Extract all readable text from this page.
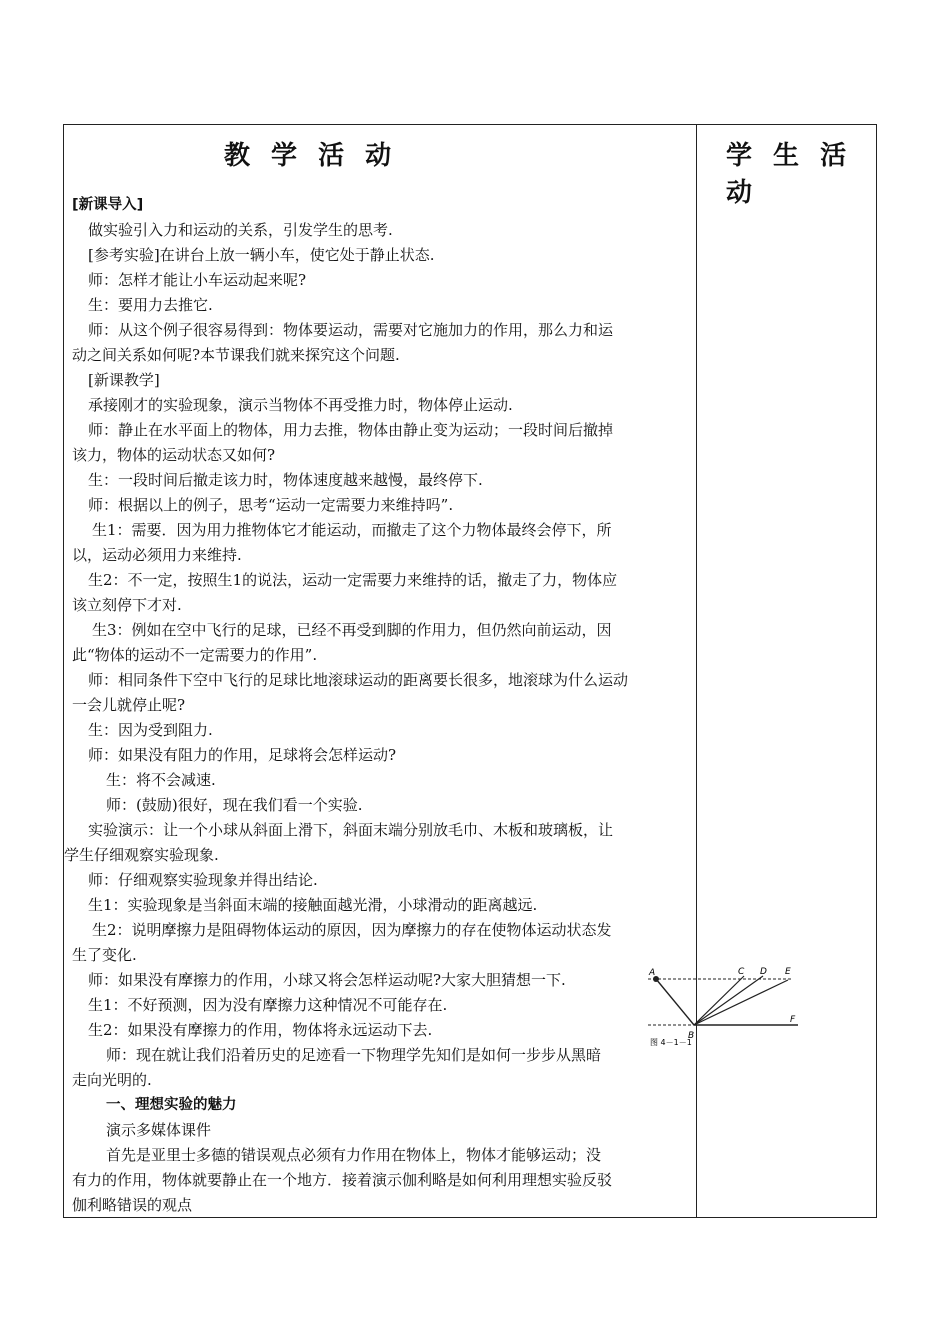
教 学 活 动	学 生 活 动

[新课导入]

做实验引入力和运动的关系，引发学生的思考.

[参考实验]在讲台上放一辆小车，使它处于静止状态.

师：怎样才能让小车运动起来呢?

生：要用力去推它.

师：从这个例子很容易得到：物体要运动，需要对它施加力的作用，那么力和运

动之间关系如何呢?本节课我们就来探究这个问题.

[新课教学]

承接刚才的实验现象，演示当物体不再受推力时，物体停止运动.

师：静止在水平面上的物体，用力去推，物体由静止变为运动；一段时间后撤掉

该力，物体的运动状态又如何?

生：一段时间后撤走该力时，物体速度越来越慢，最终停下.

师：根据以上的例子，思考“运动一定需要力来维持吗”.

生1：需要．因为用力推物体它才能运动，而撤走了这个力物体最终会停下，所

以，运动必须用力来维持.

生2：不一定，按照生1的说法，运动一定需要力来维持的话，撤走了力，物体应

该立刻停下才对.

生3：例如在空中飞行的足球，已经不再受到脚的作用力，但仍然向前运动，因

此“物体的运动不一定需要力的作用”.

师：相同条件下空中飞行的足球比地滚球运动的距离要长很多，地滚球为什么运动

一会儿就停止呢?

生：因为受到阻力.

师：如果没有阻力的作用，足球将会怎样运动?

生：将不会减速.

师：(鼓励)很好，现在我们看一个实验.

实验演示：让一个小球从斜面上滑下，斜面末端分别放毛巾、木板和玻璃板，让

学生仔细观察实验现象.

师：仔细观察实验现象并得出结论.

生1：实验现象是当斜面末端的接触面越光滑，小球滑动的距离越远.

生2：说明摩擦力是阻碍物体运动的原因，因为摩擦力的存在使物体运动状态发

生了变化.

师：如果没有摩擦力的作用，小球又将会怎样运动呢?大家大胆猜想一下.

生1：不好预测，因为没有摩擦力这种情况不可能存在.

生2：如果没有摩擦力的作用，物体将永远运动下去.

师：现在就让我们沿着历史的足迹看一下物理学先知们是如何一步步从黑暗

走向光明的.

一、理想实验的魅力

演示多媒体课件

首先是亚里士多德的错误观点必须有力作用在物体上，物体才能够运动；没

有力的作用，物体就要静止在一个地方．接着演示伽利略是如何利用理想实验反驳

伽利略错误的观点

A
B
C D E
F
图 4－1－1
